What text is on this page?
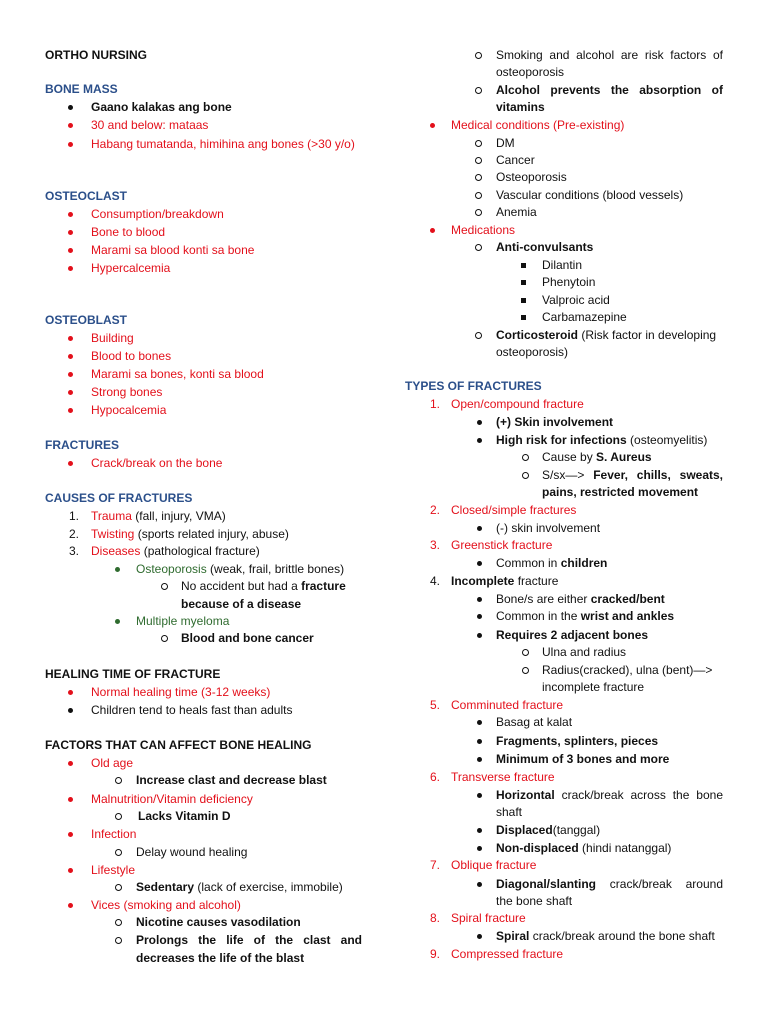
ORTHO NURSING
BONE MASS
Gaano kalakas ang bone
30 and below: mataas
Habang tumatanda, himihina ang bones (>30 y/o)
OSTEOCLAST
Consumption/breakdown
Bone to blood
Marami sa blood konti sa bone
Hypercalcemia
OSTEOBLAST
Building
Blood to bones
Marami sa bones, konti sa blood
Strong bones
Hypocalcemia
FRACTURES
Crack/break on the bone
CAUSES OF FRACTURES
1. Trauma (fall, injury, VMA)
2. Twisting (sports related injury, abuse)
3. Diseases (pathological fracture)
Osteoporosis (weak, frail, brittle bones)
No accident but had a fracture
because of a disease
Multiple myeloma
Blood and bone cancer
HEALING TIME OF FRACTURE
Normal healing time (3-12 weeks)
Children tend to heals fast than adults
FACTORS THAT CAN AFFECT BONE HEALING
Old age
Increase clast and decrease blast
Malnutrition/Vitamin deficiency
Lacks Vitamin D
Infection
Delay wound healing
Lifestyle
Sedentary (lack of exercise, immobile)
Vices (smoking and alcohol)
Nicotine causes vasodilation
Prolongs the life of the clast and
decreases the life of the blast
Smoking and alcohol are risk factors of
osteoporosis
Alcohol prevents the absorption of
vitamins
Medical conditions (Pre-existing)
DM
Cancer
Osteoporosis
Vascular conditions (blood vessels)
Anemia
Medications
Anti-convulsants
Dilantin
Phenytoin
Valproic acid
Carbamazepine
Corticosteroid (Risk factor in developing
osteoporosis)
TYPES OF FRACTURES
1. Open/compound fracture
(+) Skin involvement
High risk for infections (osteomyelitis)
Cause by S. Aureus
S/sx—> Fever, chills, sweats,
pains, restricted movement
2. Closed/simple fractures
(-) skin involvement
3. Greenstick fracture
Common in children
4. Incomplete fracture
Bone/s are either cracked/bent
Common in the wrist and ankles
Requires 2 adjacent bones
Ulna and radius
Radius(cracked), ulna (bent)—>
incomplete fracture
5. Comminuted fracture
Basag at kalat
Fragments, splinters, pieces
Minimum of 3 bones and more
6. Transverse fracture
Horizontal crack/break across the bone
shaft
Displaced(tanggal)
Non-displaced (hindi natanggal)
7. Oblique fracture
Diagonal/slanting crack/break around
the bone shaft
8. Spiral fracture
Spiral crack/break around the bone shaft
9. Compressed fracture
